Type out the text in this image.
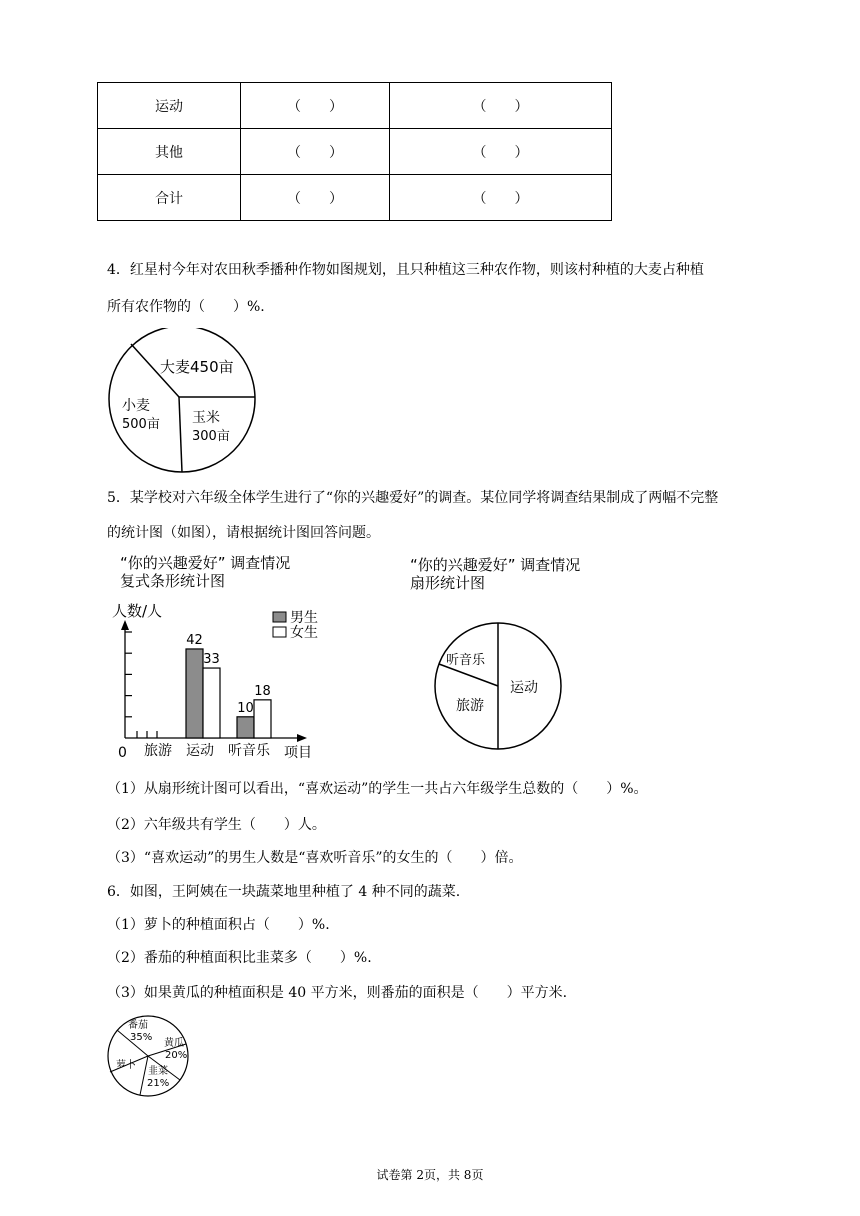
运动	（　　）	（　　）
其他	（　　）	（　　）
合计	（　　）	（　　）
4．红星村今年对农田秋季播种作物如图规划，且只种植这三种农作物，则该村种植的大麦占种植
所有农作物的（　　）%.
大麦450亩
小麦
500亩 玉米
300亩
5．某学校对六年级全体学生进行了“你的兴趣爱好”的调查。某位同学将调查结果制成了两幅不完整
的统计图（如图），请根据统计图回答问题。
“你的兴趣爱好” 调查情况
复式条形统计图
人数/人	男生
女生
42
33
10
18
0 旅游 运动 听音乐 项目
“你的兴趣爱好” 调查情况
扇形统计图
听音乐
旅游
运动
（1）从扇形统计图可以看出，“喜欢运动”的学生一共占六年级学生总数的（　　）%。
（2）六年级共有学生（　　）人。
（3）“喜欢运动”的男生人数是“喜欢听音乐”的女生的（　　）倍。
6．如图，王阿姨在一块蔬菜地里种植了 4 种不同的蔬菜.
（1）萝卜的种植面积占（　　）%.
（2）番茄的种植面积比韭菜多（　　）%.
（3）如果黄瓜的种植面积是 40 平方米，则番茄的面积是（　　）平方米.
番茄
35%
黄瓜
20%
韭菜
21%
萝卜
试卷第 2页，共 8页
